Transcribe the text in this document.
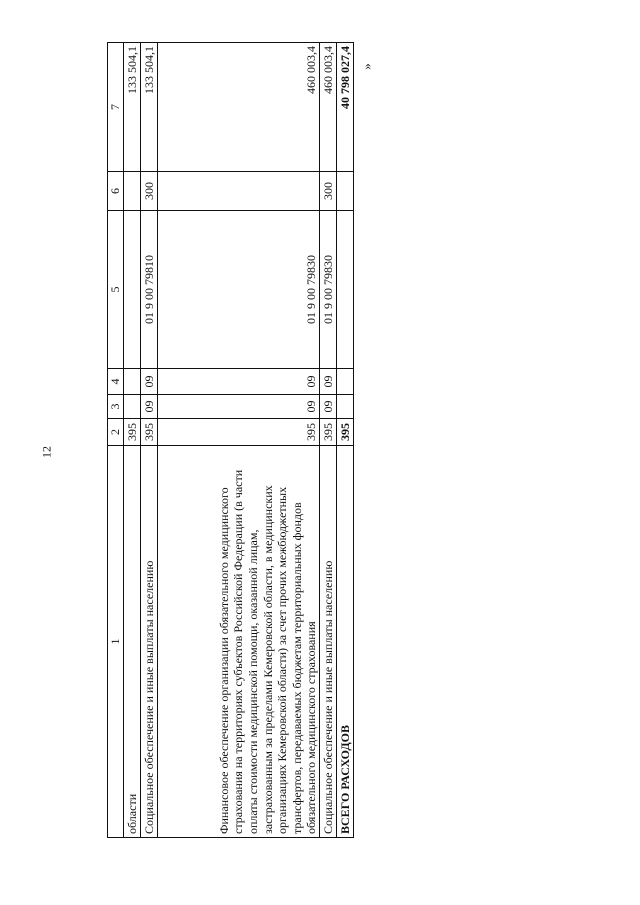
12
»
1	2	3	4	5	6	7
области	395					133 504,1
Социальное обеспечение и иные выплаты населению	395	09	09	01 9 00 79810	300	133 504,1
Финансовое обеспечение организации обязательного медицинского страхования на территориях субъектов Российской Федерации (в части оплаты стоимости медицинской помощи, оказанной лицам, застрахованным за пределами Кемеровской области, в медицинских организациях Кемеровской области) за счет прочих межбюджетных трансфертов, передаваемых бюджетам территориальных фондов обязательного медицинского страхования	395	09	09	01 9 00 79830		460 003,4
Социальное обеспечение и иные выплаты населению	395	09	09	01 9 00 79830	300	460 003,4
ВСЕГО РАСХОДОВ	395					40 798 027,4
